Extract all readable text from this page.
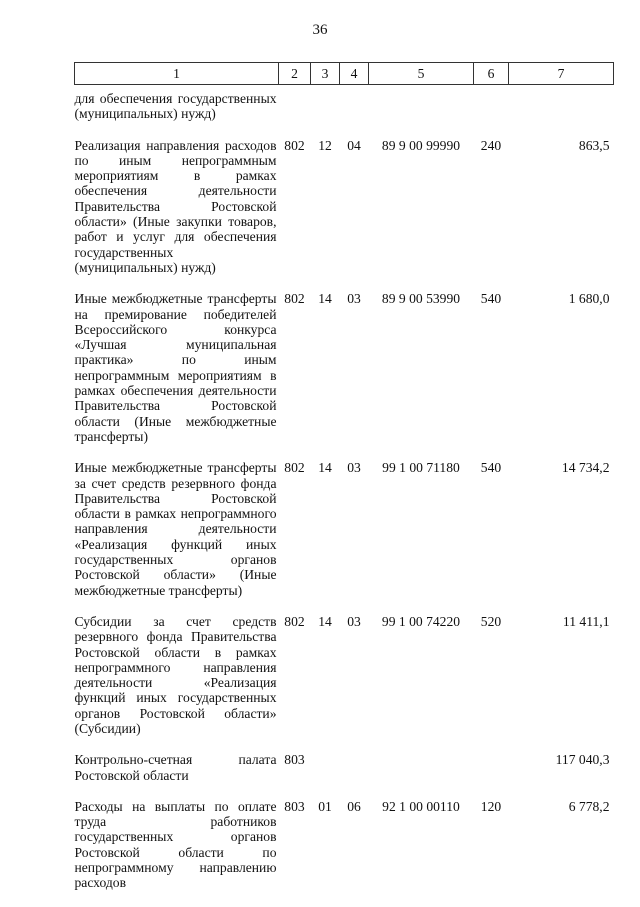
36
1	2	3	4	5	6	7
для обеспечения государственных (муниципальных) нужд)						
Реализация направления расходов по иным непрограммным мероприятиям в рамках обеспечения деятельности Правительства Ростовской области» (Иные закупки товаров, работ и услуг для обеспечения государственных (муниципальных) нужд)	802	12	04	89 9 00 99990	240	863,5
Иные межбюджетные трансферты на премирование победителей Всероссийского конкурса «Лучшая муниципальная практика» по иным непрограммным мероприятиям в рамках обеспечения деятельности Правительства Ростовской области (Иные межбюджетные трансферты)	802	14	03	89 9 00 53990	540	1 680,0
Иные межбюджетные трансферты за счет средств резервного фонда Правительства Ростовской области в рамках непрограммного направления деятельности «Реализация функций иных государственных органов Ростовской области» (Иные межбюджетные трансферты)	802	14	03	99 1 00 71180	540	14 734,2
Субсидии за счет средств резервного фонда Правительства Ростовской области в рамках непрограммного направления деятельности «Реализация функций иных государственных органов Ростовской области» (Субсидии)	802	14	03	99 1 00 74220	520	11 411,1
Контрольно-счетная палата Ростовской области	803					117 040,3
Расходы на выплаты по оплате труда работников государственных органов Ростовской области по непрограммному направлению расходов	803	01	06	92 1 00 00110	120	6 778,2
